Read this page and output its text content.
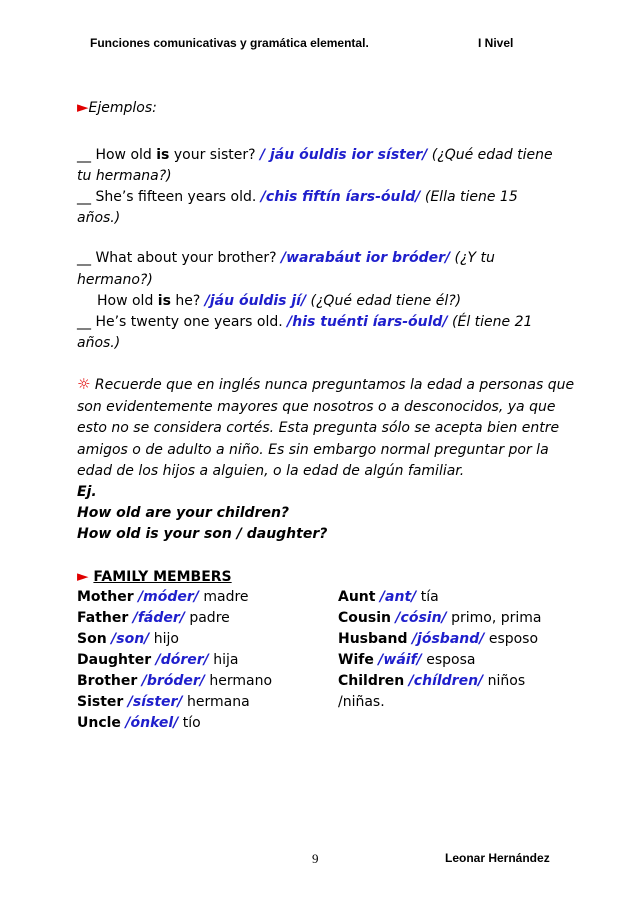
Funciones comunicativas y gramática elemental.	I Nivel
►Ejemplos:
__ How old is your sister? / jáu óuldis ior síster/ (¿Qué edad tiene
tu hermana?)
__ She’s fifteen years old. /chis fiftín íars-óuld/ (Ella tiene 15
años.)
__ What about your brother? /warabáut ior bróder/ (¿Y tu
hermano?)
How old is he? /jáu óuldis jí/ (¿Qué edad tiene él?)
__ He’s twenty one years old. /his tuénti íars-óuld/ (Él tiene 21
años.)
☼ Recuerde que en inglés nunca preguntamos la edad a personas que
son evidentemente mayores que nosotros o a desconocidos, ya que
esto no se considera cortés. Esta pregunta sólo se acepta bien entre
amigos o de adulto a niño. Es sin embargo normal preguntar por la
edad de los hijos a alguien, o la edad de algún familiar.
Ej.
How old are your children?
How old is your son / daughter?
► FAMILY MEMBERS
Mother /móder/ madre
Father /fáder/ padre
Son /son/ hijo
Daughter /dórer/ hija
Brother /bróder/ hermano
Sister /síster/ hermana
Uncle /ónkel/ tío
Aunt /ant/ tía
Cousin /cósin/ primo, prima
Husband /jósband/ esposo
Wife /wáif/ esposa
Children /chíldren/ niños
/niñas.
9	Leonar Hernández
